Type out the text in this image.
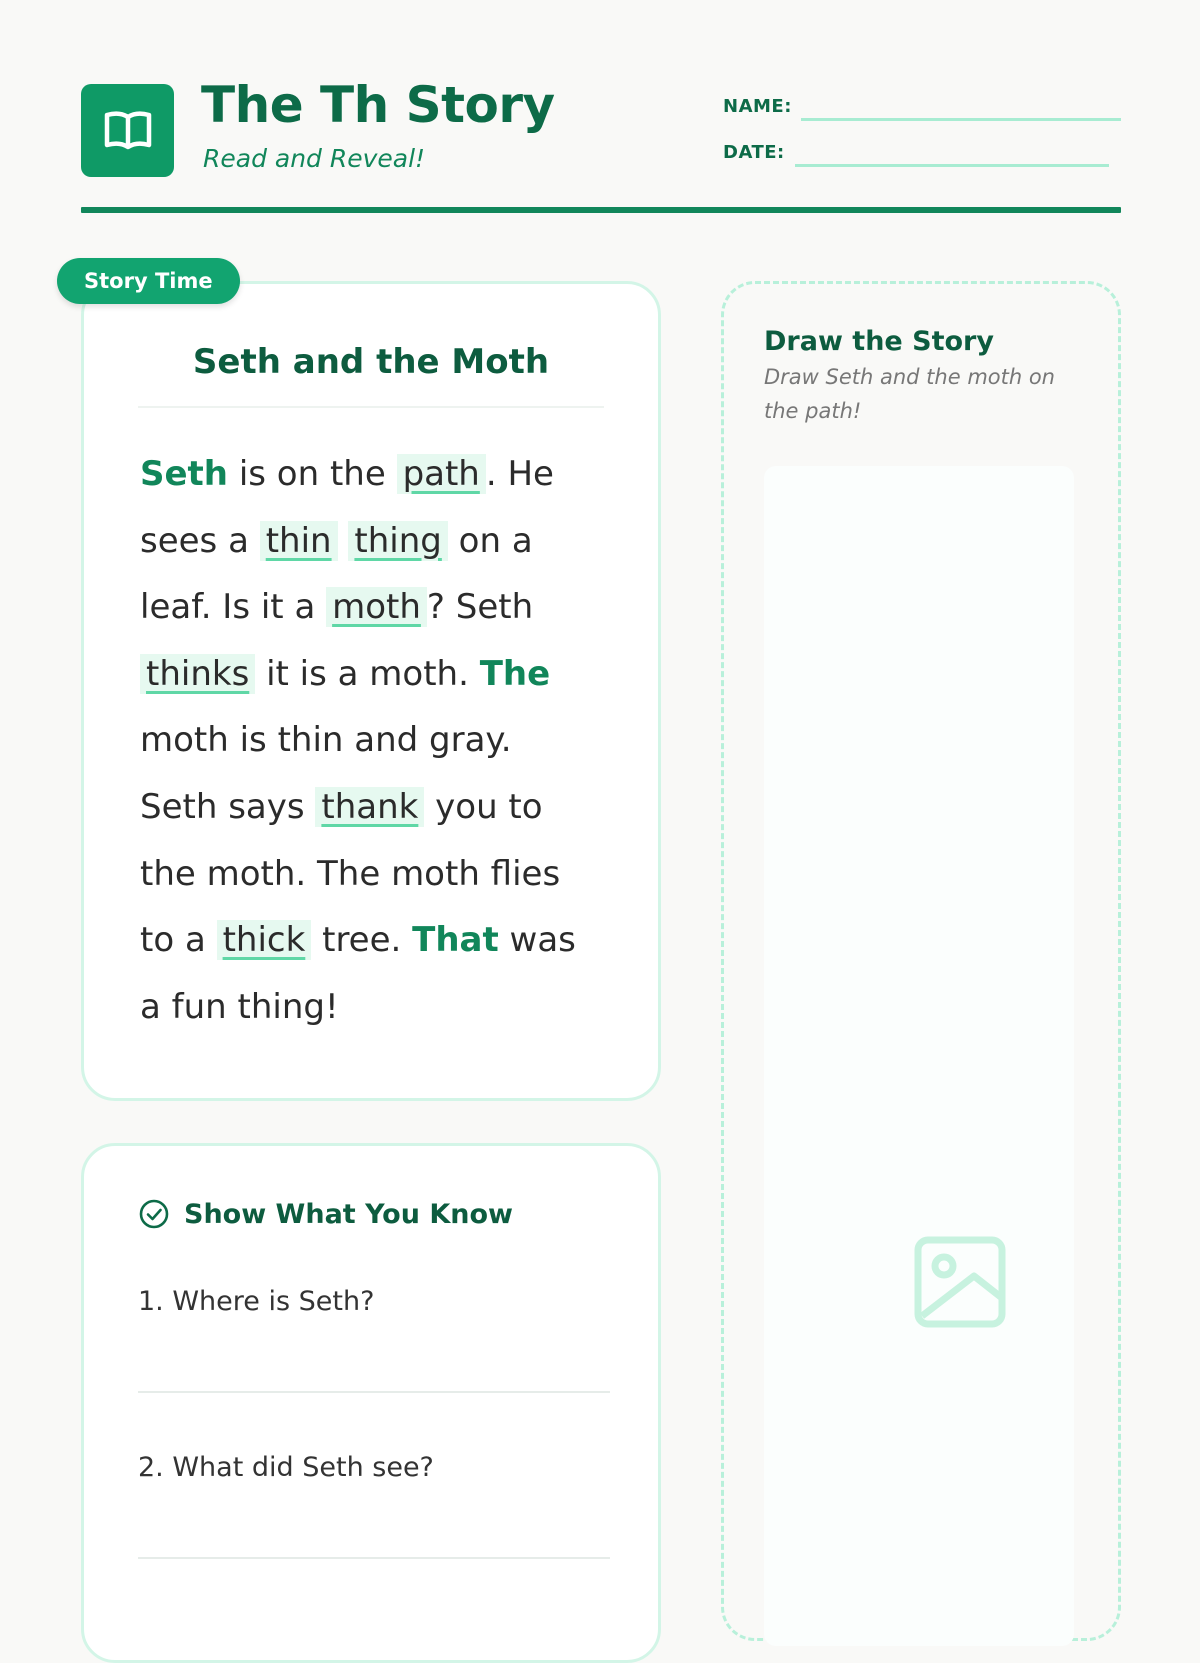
The Th Story
Read and Reveal!
NAME:
DATE:
Seth and the Moth
Seth is on the path . He
sees a thin thing on a
leaf. Is it a moth ? Seth
thinks it is a moth. The
moth is thin and gray.
Seth says thank you to
the moth. The moth flies
to a thick tree. That was
a fun thing!
Story Time
Draw the Story
Draw Seth and the moth on the path!
Show What You Know
1. Where is Seth?
2. What did Seth see?
